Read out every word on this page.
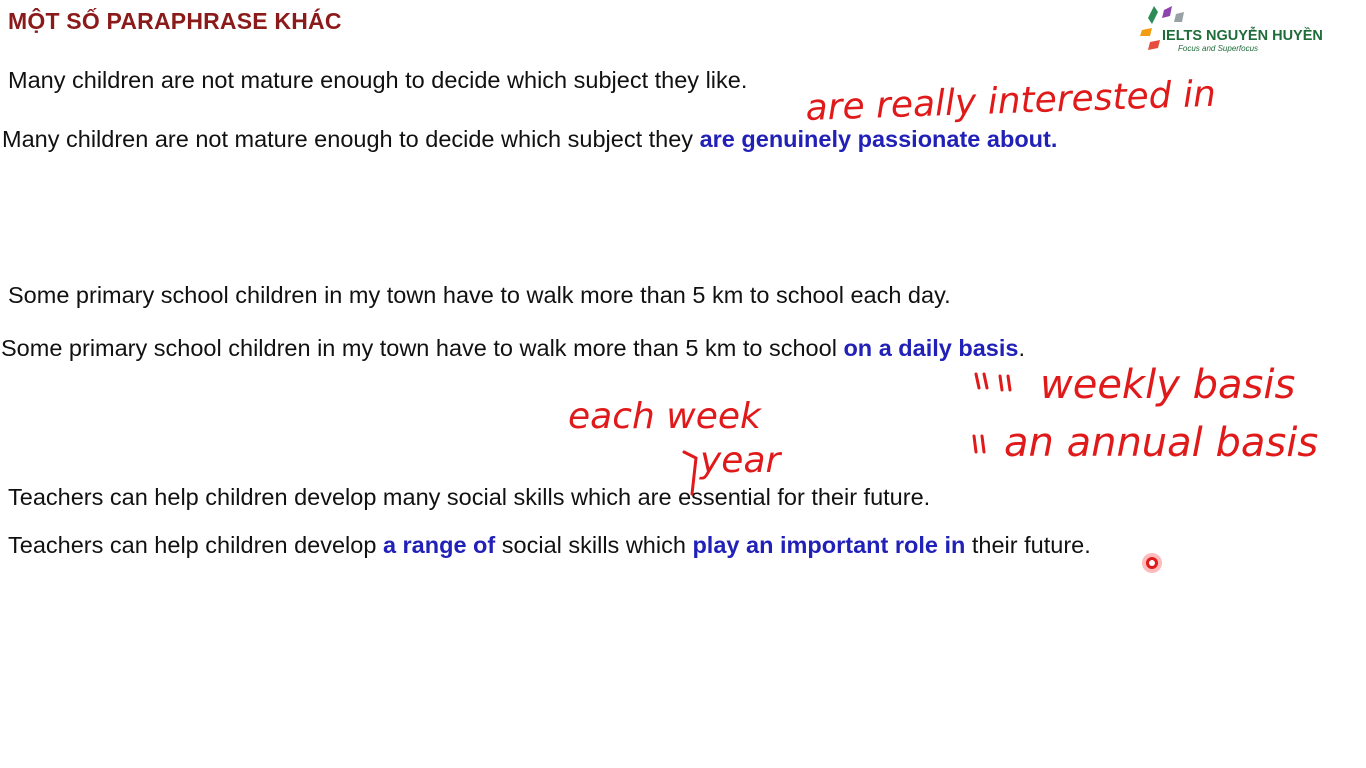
MỘT SỐ PARAPHRASE KHÁC
IELTS NGUYỄN HUYỀN
Focus and Superfocus
Many children are not mature enough to decide which subject they like.
Many children are not mature enough to decide which subject they are genuinely passionate about.
Some primary school children in my town have to walk more than 5 km to school each day.
Some primary school children in my town have to walk more than 5 km to school on a daily basis.
Teachers can help children develop many social skills which are essential for their future.
Teachers can help children develop a range of social skills which play an important role in their future.
are really interested in
each week
year
weekly basis
an annual basis
